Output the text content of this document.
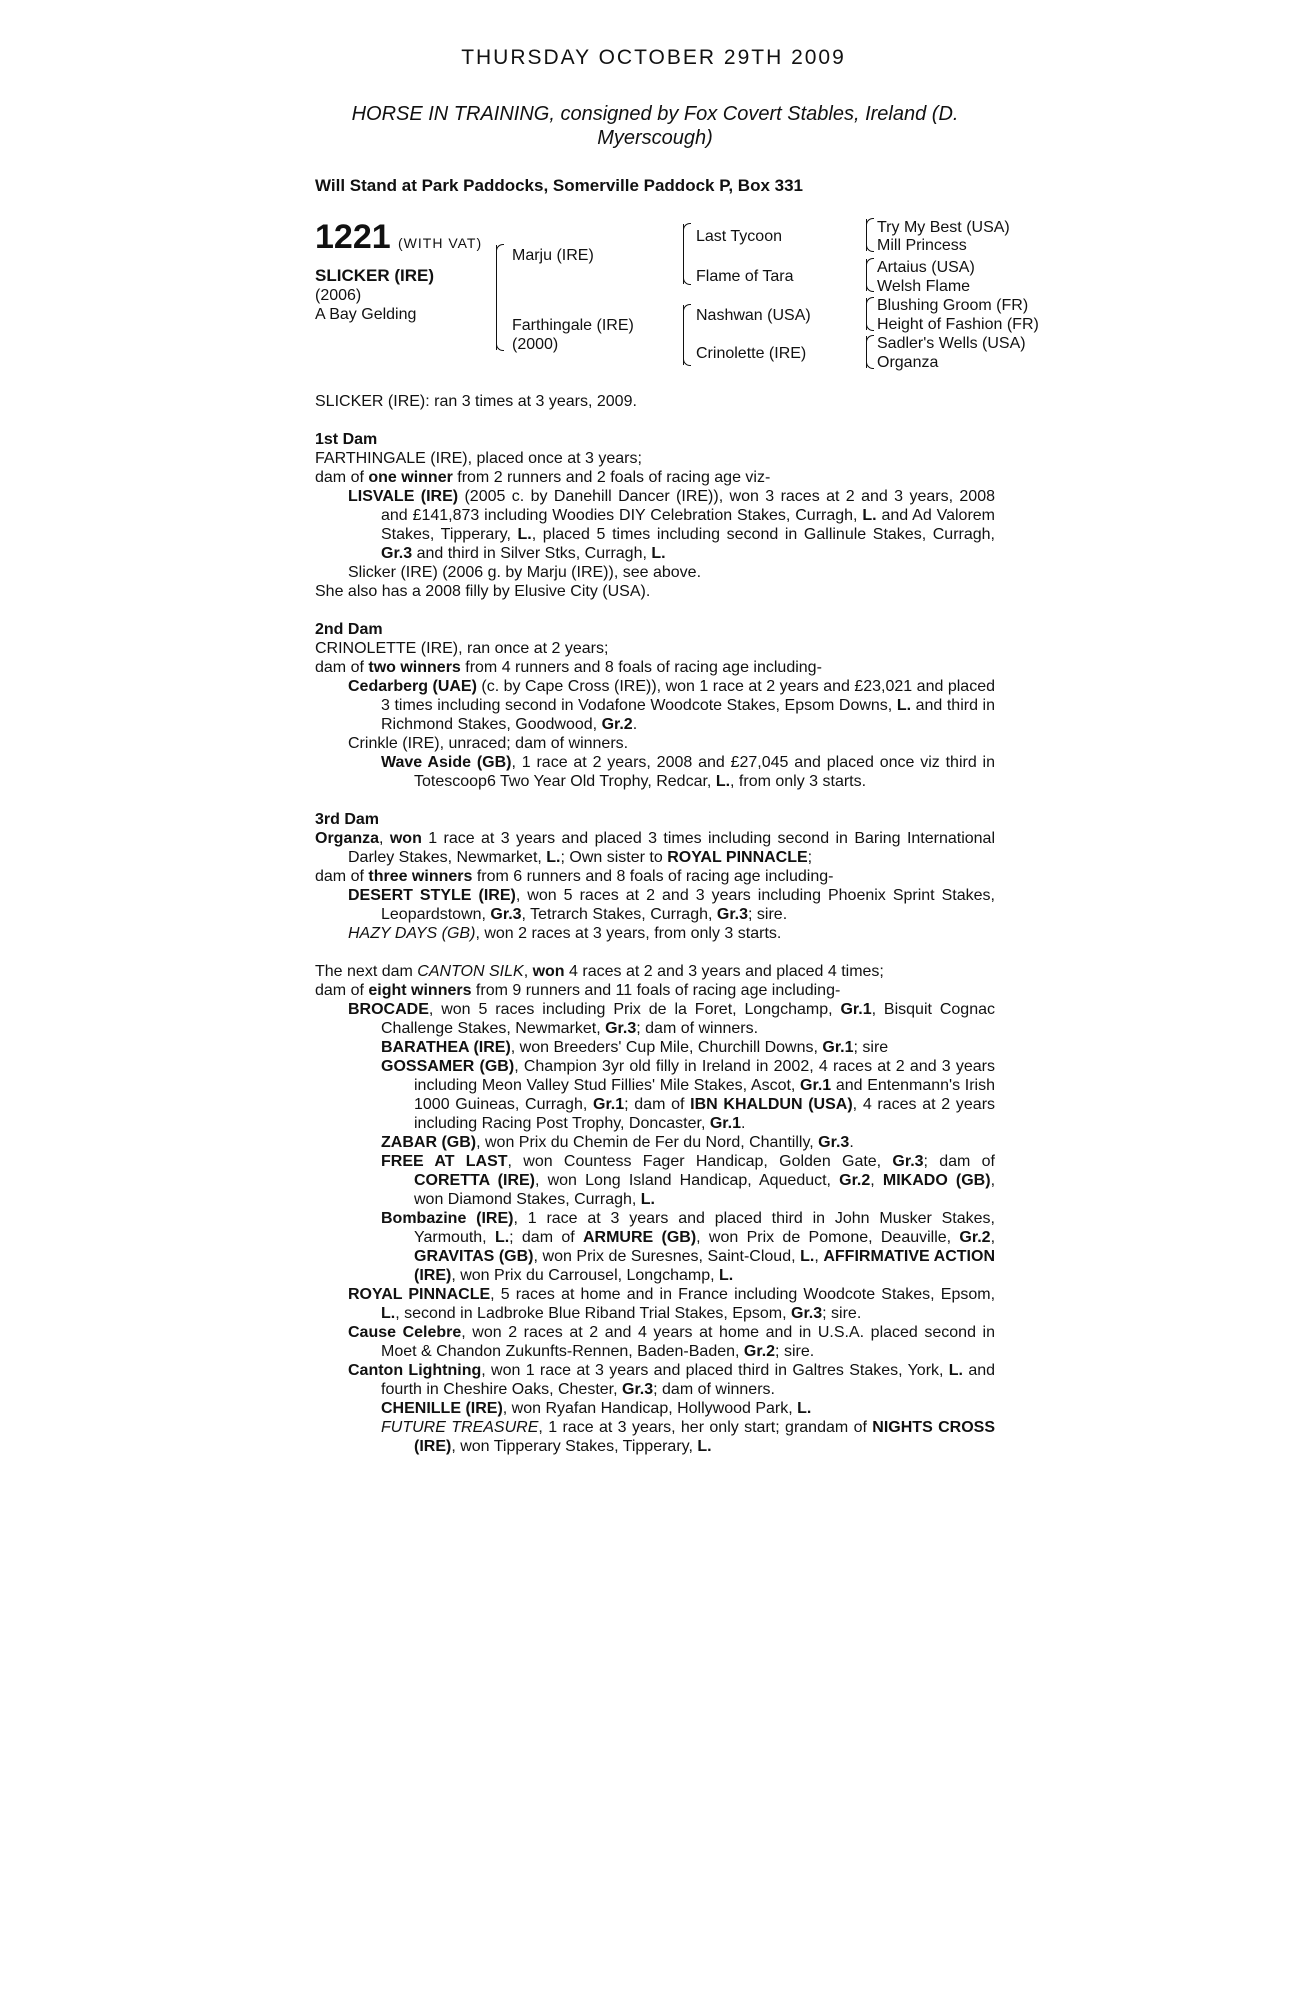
THURSDAY OCTOBER 29TH 2009
HORSE IN TRAINING, consigned by Fox Covert Stables, Ireland (D. Myerscough)
Will Stand at Park Paddocks, Somerville Paddock P, Box 331
1221 (WITH VAT)
SLICKER (IRE)
(2006)
A Bay Gelding
Marju (IRE)
Farthingale (IRE)
(2000)
Last Tycoon
Flame of Tara
Nashwan (USA)
Crinolette (IRE)
Try My Best (USA)
Mill Princess
Artaius (USA)
Welsh Flame
Blushing Groom (FR)
Height of Fashion (FR)
Sadler's Wells (USA)
Organza

SLICKER (IRE): ran 3 times at 3 years, 2009.

1st Dam

FARTHINGALE (IRE), placed once at 3 years;

dam of one winner from 2 runners and 2 foals of racing age viz-

LISVALE (IRE) (2005 c. by Danehill Dancer (IRE)), won 3 races at 2 and 3 years, 2008 and £141,873 including Woodies DIY Celebration Stakes, Curragh, L. and Ad Valorem Stakes, Tipperary, L., placed 5 times including second in Gallinule Stakes, Curragh, Gr.3 and third in Silver Stks, Curragh, L.

Slicker (IRE) (2006 g. by Marju (IRE)), see above.

She also has a 2008 filly by Elusive City (USA).

2nd Dam

CRINOLETTE (IRE), ran once at 2 years;

dam of two winners from 4 runners and 8 foals of racing age including-

Cedarberg (UAE) (c. by Cape Cross (IRE)), won 1 race at 2 years and £23,021 and placed 3 times including second in Vodafone Woodcote Stakes, Epsom Downs, L. and third in Richmond Stakes, Goodwood, Gr.2.

Crinkle (IRE), unraced; dam of winners.

Wave Aside (GB), 1 race at 2 years, 2008 and £27,045 and placed once viz third in Totescoop6 Two Year Old Trophy, Redcar, L., from only 3 starts.

3rd Dam

Organza, won 1 race at 3 years and placed 3 times including second in Baring International Darley Stakes, Newmarket, L.; Own sister to ROYAL PINNACLE;

dam of three winners from 6 runners and 8 foals of racing age including-

DESERT STYLE (IRE), won 5 races at 2 and 3 years including Phoenix Sprint Stakes, Leopardstown, Gr.3, Tetrarch Stakes, Curragh, Gr.3; sire.

HAZY DAYS (GB), won 2 races at 3 years, from only 3 starts.

The next dam CANTON SILK, won 4 races at 2 and 3 years and placed 4 times;

dam of eight winners from 9 runners and 11 foals of racing age including-

BROCADE, won 5 races including Prix de la Foret, Longchamp, Gr.1, Bisquit Cognac Challenge Stakes, Newmarket, Gr.3; dam of winners.

BARATHEA (IRE), won Breeders' Cup Mile, Churchill Downs, Gr.1; sire

GOSSAMER (GB), Champion 3yr old filly in Ireland in 2002, 4 races at 2 and 3 years including Meon Valley Stud Fillies' Mile Stakes, Ascot, Gr.1 and Entenmann's Irish 1000 Guineas, Curragh, Gr.1; dam of IBN KHALDUN (USA), 4 races at 2 years including Racing Post Trophy, Doncaster, Gr.1.

ZABAR (GB), won Prix du Chemin de Fer du Nord, Chantilly, Gr.3.

FREE AT LAST, won Countess Fager Handicap, Golden Gate, Gr.3; dam of CORETTA (IRE), won Long Island Handicap, Aqueduct, Gr.2, MIKADO (GB), won Diamond Stakes, Curragh, L.

Bombazine (IRE), 1 race at 3 years and placed third in John Musker Stakes, Yarmouth, L.; dam of ARMURE (GB), won Prix de Pomone, Deauville, Gr.2, GRAVITAS (GB), won Prix de Suresnes, Saint-Cloud, L., AFFIRMATIVE ACTION (IRE), won Prix du Carrousel, Longchamp, L.

ROYAL PINNACLE, 5 races at home and in France including Woodcote Stakes, Epsom, L., second in Ladbroke Blue Riband Trial Stakes, Epsom, Gr.3; sire.

Cause Celebre, won 2 races at 2 and 4 years at home and in U.S.A. placed second in Moet & Chandon Zukunfts-Rennen, Baden-Baden, Gr.2; sire.

Canton Lightning, won 1 race at 3 years and placed third in Galtres Stakes, York, L. and fourth in Cheshire Oaks, Chester, Gr.3; dam of winners.

CHENILLE (IRE), won Ryafan Handicap, Hollywood Park, L.

FUTURE TREASURE, 1 race at 3 years, her only start; grandam of NIGHTS CROSS (IRE), won Tipperary Stakes, Tipperary, L.
